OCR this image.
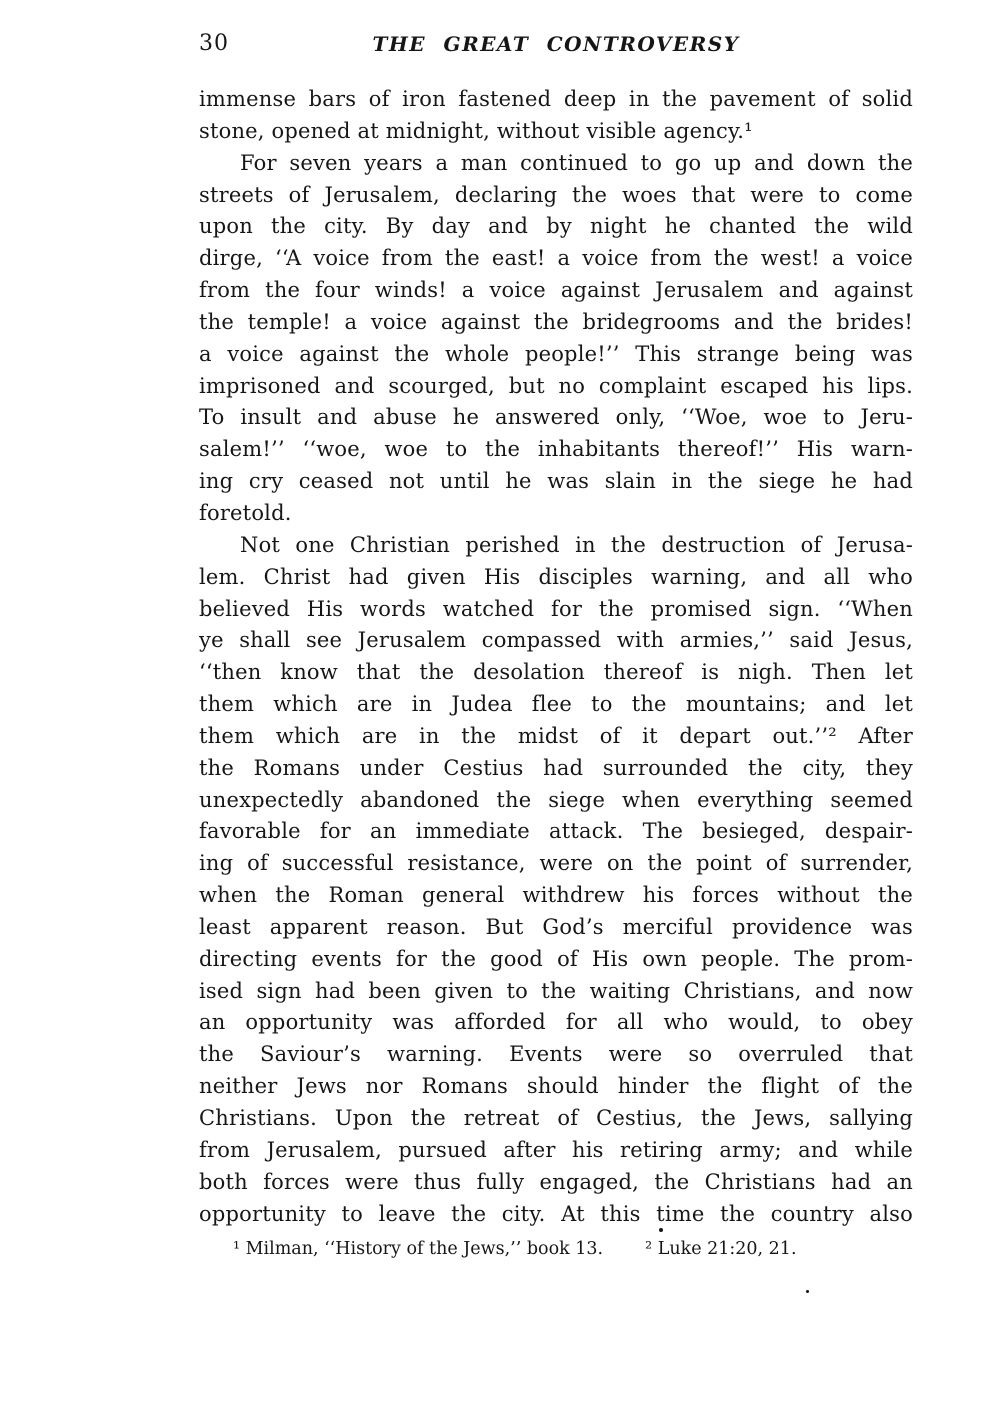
30	THE GREAT CONTROVERSY
immense bars of iron fastened deep in the pavement of solid
stone, opened at midnight, without visible agency.¹
For seven years a man continued to go up and down the
streets of Jerusalem, declaring the woes that were to come
upon the city. By day and by night he chanted the wild
dirge, ‘‘A voice from the east! a voice from the west! a voice
from the four winds! a voice against Jerusalem and against
the temple! a voice against the bridegrooms and the brides!
a voice against the whole people!’’ This strange being was
imprisoned and scourged, but no complaint escaped his lips.
To insult and abuse he answered only, ‘‘Woe, woe to Jeru-
salem!’’ ‘‘woe, woe to the inhabitants thereof!’’ His warn-
ing cry ceased not until he was slain in the siege he had
foretold.
Not one Christian perished in the destruction of Jerusa-
lem. Christ had given His disciples warning, and all who
believed His words watched for the promised sign. ‘‘When
ye shall see Jerusalem compassed with armies,’’ said Jesus,
‘‘then know that the desolation thereof is nigh. Then let
them which are in Judea flee to the mountains; and let
them which are in the midst of it depart out.’’² After
the Romans under Cestius had surrounded the city, they
unexpectedly abandoned the siege when everything seemed
favorable for an immediate attack. The besieged, despair-
ing of successful resistance, were on the point of surrender,
when the Roman general withdrew his forces without the
least apparent reason. But God’s merciful providence was
directing events for the good of His own people. The prom-
ised sign had been given to the waiting Christians, and now
an opportunity was afforded for all who would, to obey
the Saviour’s warning. Events were so overruled that
neither Jews nor Romans should hinder the flight of the
Christians. Upon the retreat of Cestius, the Jews, sallying
from Jerusalem, pursued after his retiring army; and while
both forces were thus fully engaged, the Christians had an
opportunity to leave the city. At this time the country also
¹ Milman, ‘‘History of the Jews,’’ book 13. ² Luke 21:20, 21.
